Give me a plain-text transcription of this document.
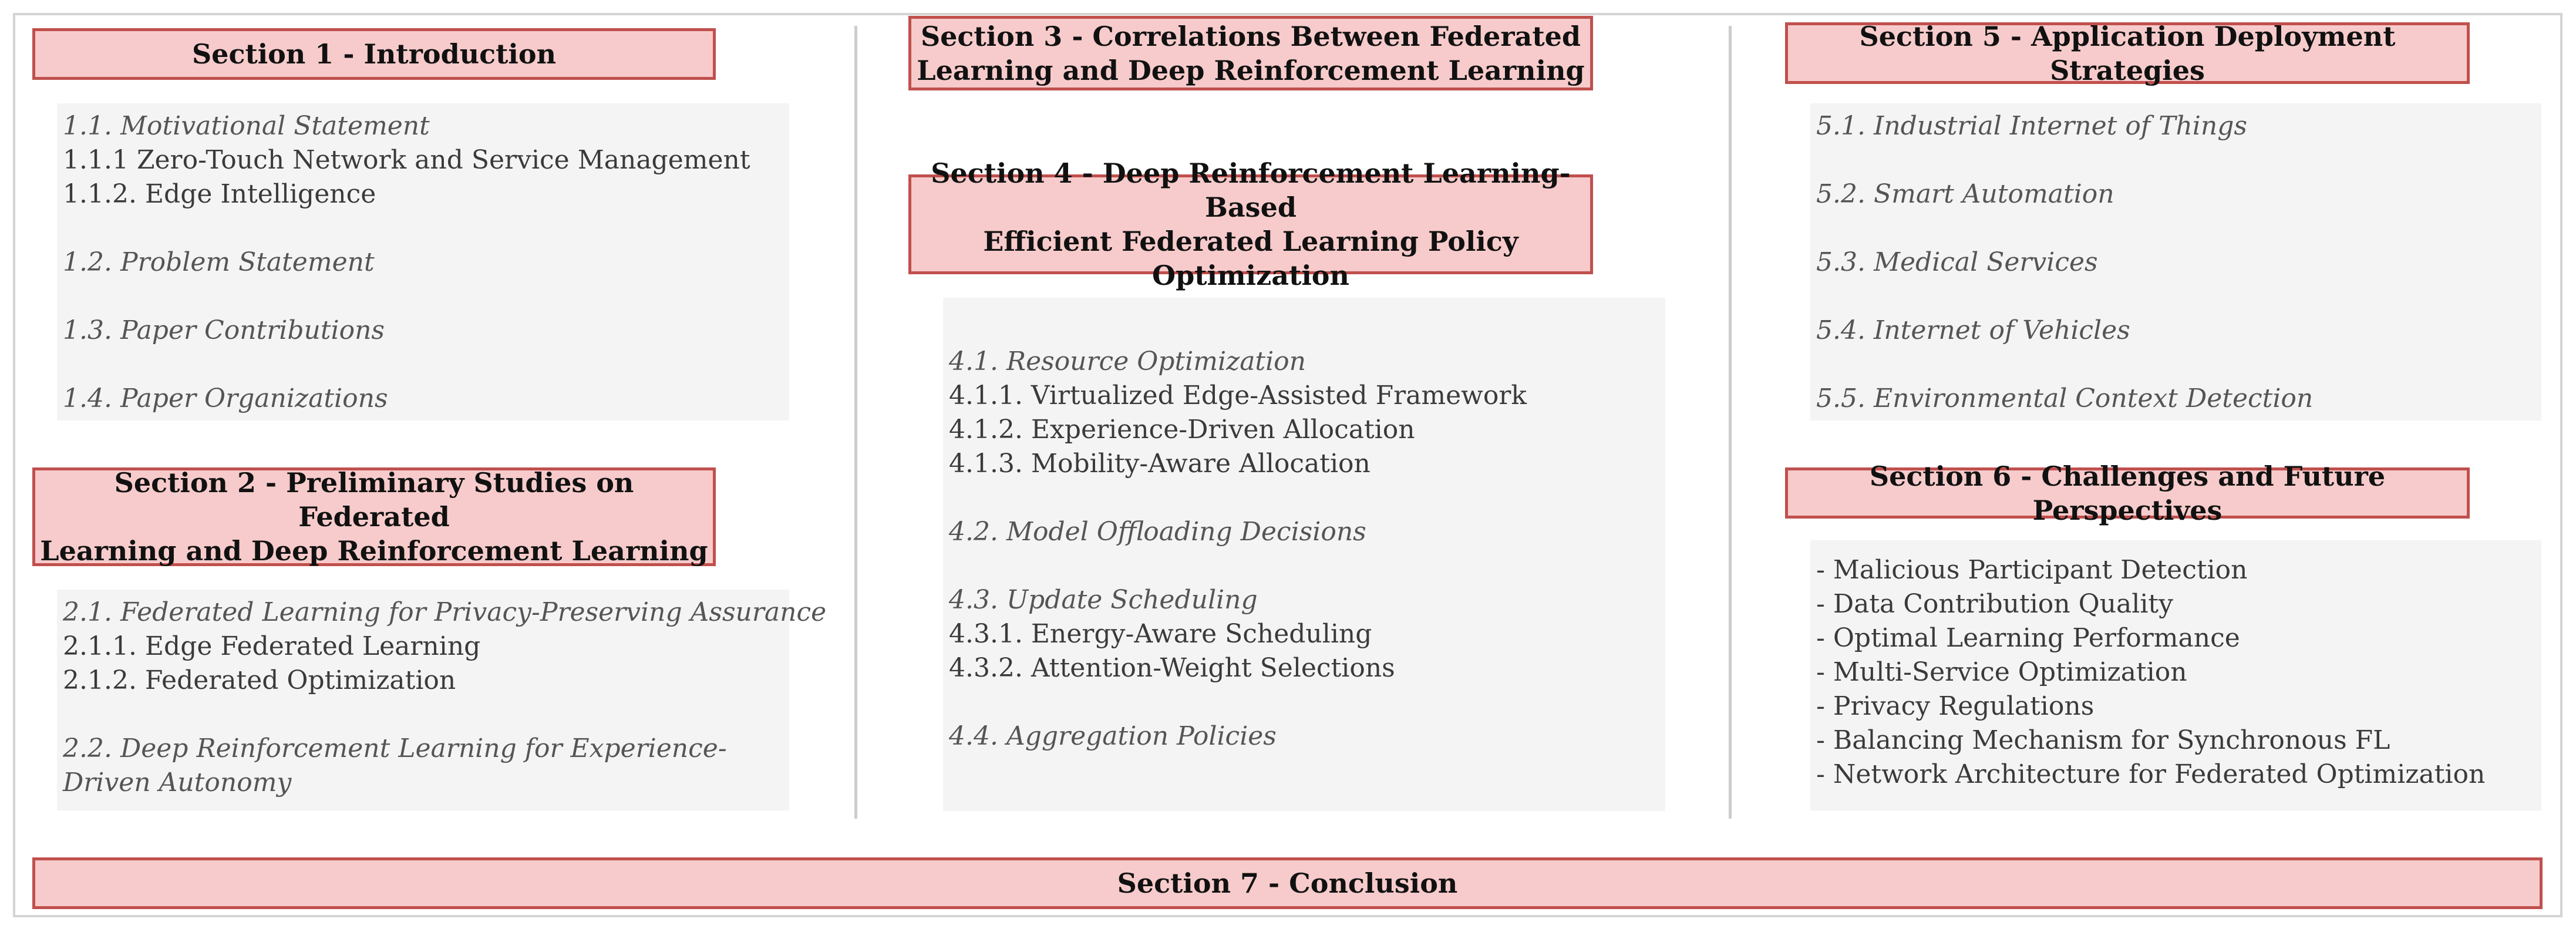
Section 1 - Introduction
1.1. Motivational Statement
1.1.1 Zero-Touch Network and Service Management
1.1.2. Edge Intelligence
1.2. Problem Statement
1.3. Paper Contributions
1.4. Paper Organizations
Section 2 - Preliminary Studies on Federated
Learning and Deep Reinforcement Learning
2.1. Federated Learning for Privacy-Preserving Assurance
2.1.1. Edge Federated Learning
2.1.2. Federated Optimization
2.2. Deep Reinforcement Learning for Experience-Driven Autonomy
Section 3 - Correlations Between Federated
Learning and Deep Reinforcement Learning
Section 4 - Deep Reinforcement Learning-Based
Efficient Federated Learning Policy Optimization
4.1. Resource Optimization
4.1.1. Virtualized Edge-Assisted Framework
4.1.2. Experience-Driven Allocation
4.1.3. Mobility-Aware Allocation
4.2. Model Offloading Decisions
4.3. Update Scheduling
4.3.1. Energy-Aware Scheduling
4.3.2. Attention-Weight Selections
4.4. Aggregation Policies
Section 5 - Application Deployment Strategies
5.1. Industrial Internet of Things
5.2. Smart Automation
5.3. Medical Services
5.4. Internet of Vehicles
5.5. Environmental Context Detection
Section 6 - Challenges and Future Perspectives
- Malicious Participant Detection
- Data Contribution Quality
- Optimal Learning Performance
- Multi-Service Optimization
- Privacy Regulations
- Balancing Mechanism for Synchronous FL
- Network Architecture for Federated Optimization
Section 7 - Conclusion
